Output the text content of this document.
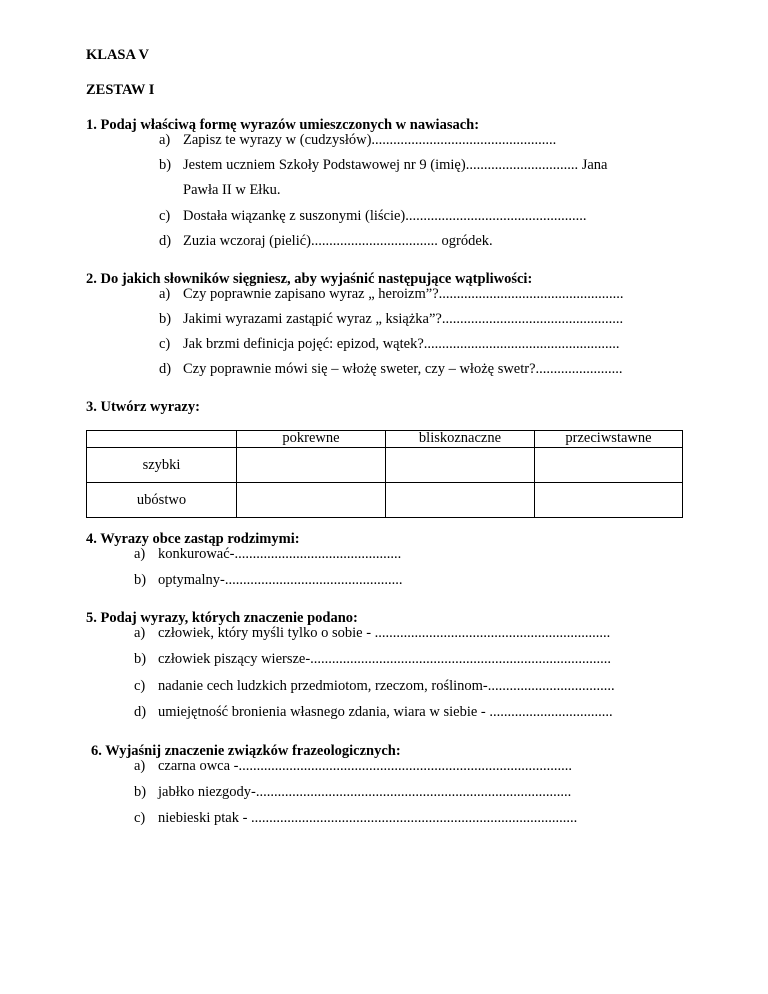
KLASA V
ZESTAW I
1. Podaj właściwą formę wyrazów umieszczonych w nawiasach:
a) Zapisz te wyrazy w (cudzysłów)...................................................
b) Jestem uczniem Szkoły Podstawowej nr 9 (imię)............................... Jana
Pawła II w Ełku.
c) Dostała wiązankę z suszonymi (liście)..................................................
d) Zuzia wczoraj (pielić)................................... ogródek.
2. Do jakich słowników sięgniesz, aby wyjaśnić następujące wątpliwości:
a) Czy poprawnie zapisano wyraz „ heroizm”?...................................................
b) Jakimi wyrazami zastąpić wyraz „ książka”?..................................................
c) Jak brzmi definicja pojęć: epizod, wątek?......................................................
d) Czy poprawnie mówi się – włożę sweter, czy – włożę swetr?........................
3. Utwórz wyrazy:
	pokrewne	bliskoznaczne	przeciwstawne
szybki			
ubóstwo			
4. Wyrazy obce zastąp rodzimymi:
a) konkurować-..............................................
b) optymalny-.................................................
5. Podaj wyrazy, których znaczenie podano:
a) człowiek, który myśli tylko o sobie - .................................................................
b) człowiek piszący wiersze-...................................................................................
c) nadanie cech ludzkich przedmiotom, rzeczom, roślinom-...................................
d) umiejętność bronienia własnego zdania, wiara w siebie - ..................................
6. Wyjaśnij znaczenie związków frazeologicznych:
a) czarna owca -............................................................................................
b) jabłko niezgody-.......................................................................................
c) niebieski ptak - ..........................................................................................
